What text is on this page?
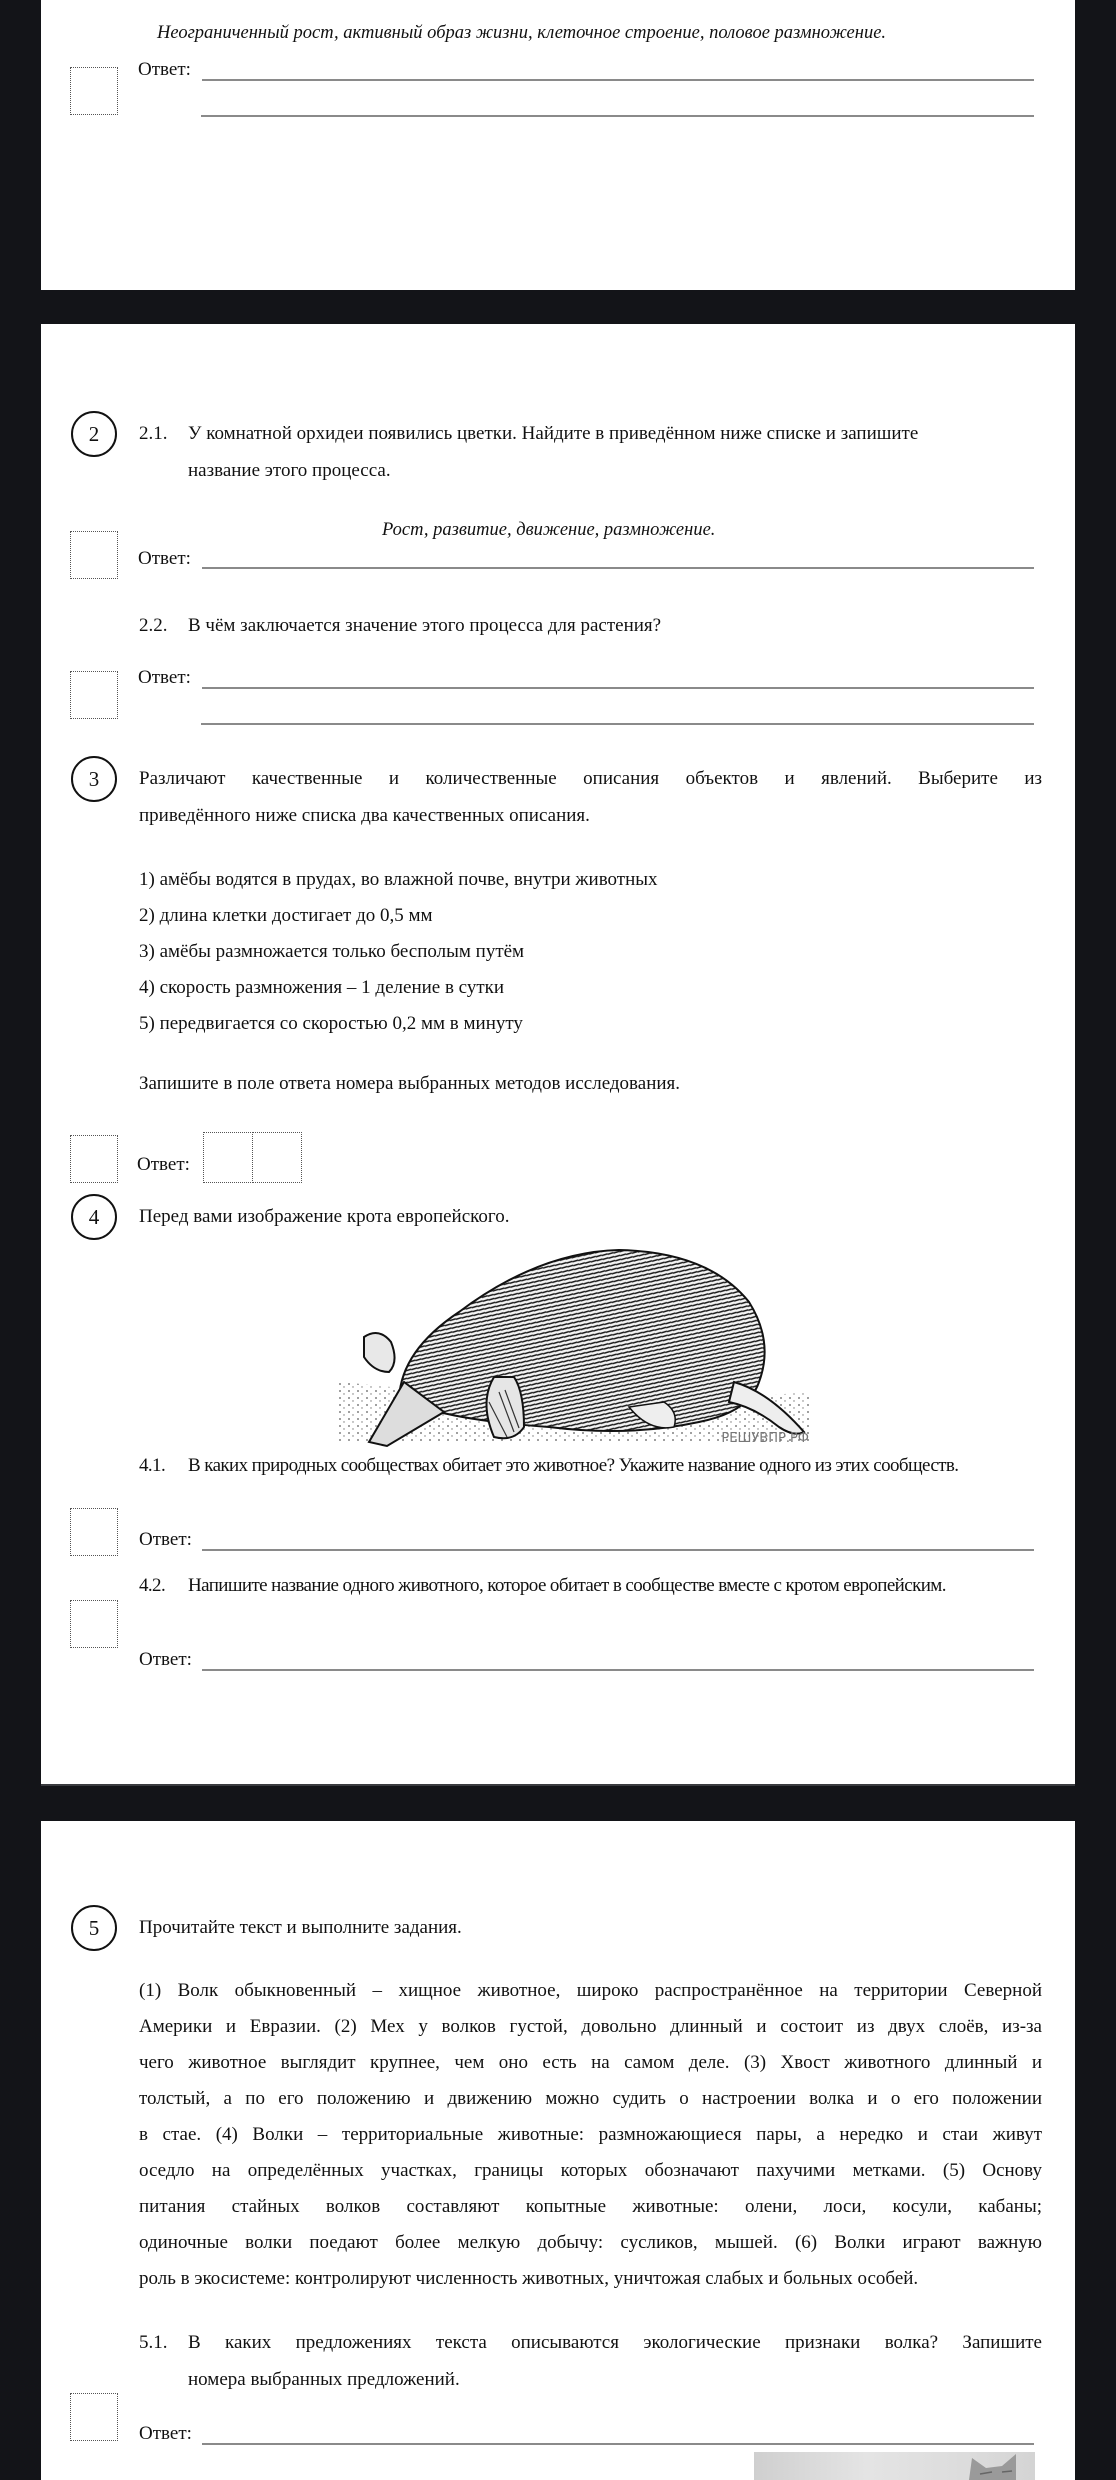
Неограниченный рост, активный образ жизни, клеточное строение, половое размножение.
Ответ:
2	2.1. У комнатной орхидеи появились цветки. Найдите в приведённом ниже списке и запишите
название этого процесса.
Рост, развитие, движение, размножение.
Ответ:
2.2. В чём заключается значение этого процесса для растения?
Ответ:
3	Различают качественные и количественные описания объектов и явлений. Выберите из
приведённого ниже списка два качественных описания.
1) амёбы водятся в прудах, во влажной почве, внутри животных
2) длина клетки достигает до 0,5 мм
3) амёбы размножается только бесполым путём
4) скорость размножения – 1 деление в сутки
5) передвигается со скоростью 0,2 мм в минуту
Запишите в поле ответа номера выбранных методов исследования.
Ответ:
4	Перед вами изображение крота европейского.
РЕШУВПР.РФ
4.1. В каких природных сообществах обитает это животное? Укажите название одного из этих сообществ.
Ответ:
4.2. Напишите название одного животного, которое обитает в сообществе вместе с кротом европейским.
Ответ:
5	Прочитайте текст и выполните задания.
(1) Волк обыкновенный – хищное животное, широко распространённое на территории Северной
Америки и Евразии. (2) Мех у волков густой, довольно длинный и состоит из двух слоёв, из-за
чего животное выглядит крупнее, чем оно есть на самом деле. (3) Хвост животного длинный и
толстый, а по его положению и движению можно судить о настроении волка и о его положении
в стае. (4) Волки – территориальные животные: размножающиеся пары, а нередко и стаи живут
оседло на определённых участках, границы которых обозначают пахучими метками. (5) Основу
питания стайных волков составляют копытные животные: олени, лоси, косули, кабаны;
одиночные волки поедают более мелкую добычу: сусликов, мышей. (6) Волки играют важную
роль в экосистеме: контролируют численность животных, уничтожая слабых и больных особей.
5.1. В каких предложениях текста описываются экологические признаки волка? Запишите
номера выбранных предложений.
Ответ:
